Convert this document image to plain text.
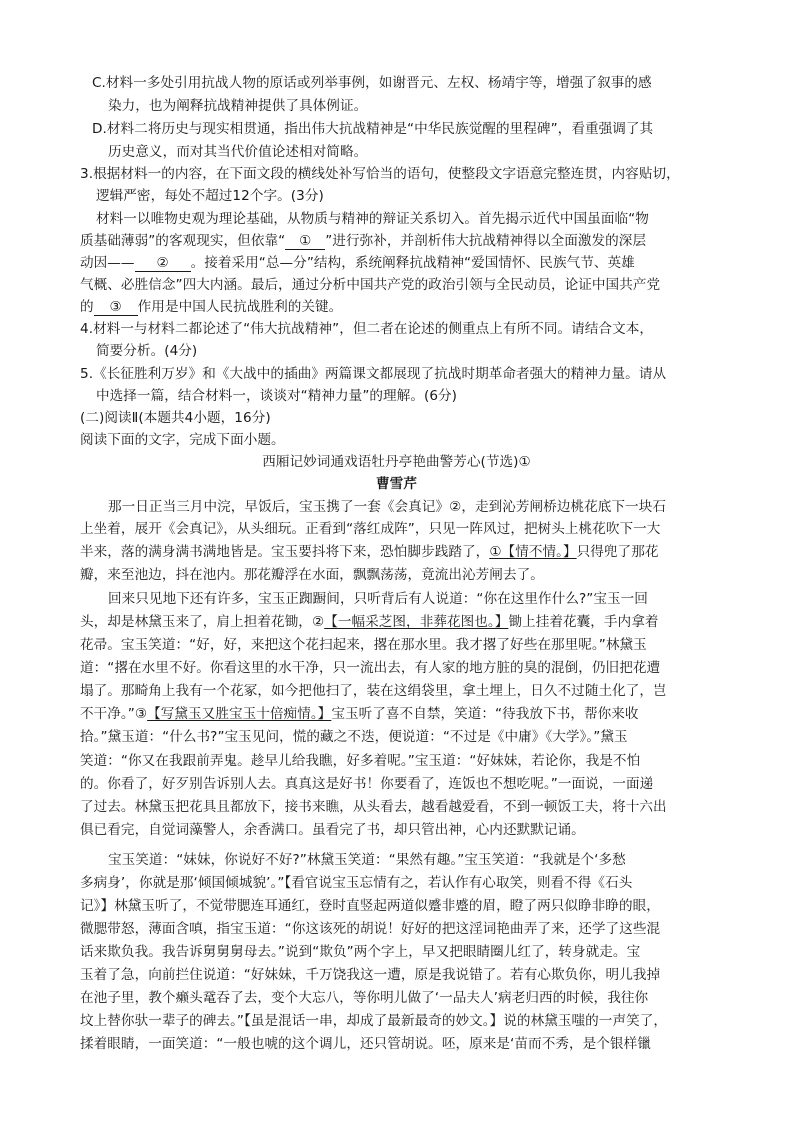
C.材料一多处引用抗战人物的原话或列举事例，如谢晋元、左权、杨靖宇等，增强了叙事的感
染力，也为阐释抗战精神提供了具体例证。
D.材料二将历史与现实相贯通，指出伟大抗战精神是“中华民族觉醒的里程碑”，看重强调了其
历史意义，而对其当代价值论述相对简略。
3.根据材料一的内容，在下面文段的横线处补写恰当的语句，使整段文字语意完整连贯，内容贴切，
逻辑严密，每处不超过12个字。(3分)
材料一以唯物史观为理论基础，从物质与精神的辩证关系切入。首先揭示近代中国虽面临“物
质基础薄弱”的客观现实，但依靠“ ① ”进行弥补，并剖析伟大抗战精神得以全面激发的深层
动因—— ② 。接着采用“总—分”结构，系统阐释抗战精神“爱国情怀、民族气节、英雄
气概、必胜信念”四大内涵。最后，通过分析中国共产党的政治引领与全民动员，论证中国共产党
的 ③ 作用是中国人民抗战胜利的关键。
4.材料一与材料二都论述了“伟大抗战精神”，但二者在论述的侧重点上有所不同。请结合文本，
简要分析。(4分)
5.《长征胜利万岁》和《大战中的插曲》两篇课文都展现了抗战时期革命者强大的精神力量。请从
中选择一篇，结合材料一，谈谈对“精神力量”的理解。(6分)
(二)阅读Ⅱ(本题共4小题，16分)
阅读下面的文字，完成下面小题。
西厢记妙词通戏语牡丹亭艳曲警芳心(节选)①
曹雪芹
那一日正当三月中浣，早饭后，宝玉携了一套《会真记》②，走到沁芳闸桥边桃花底下一块石
上坐着，展开《会真记》，从头细玩。正看到“落红成阵”，只见一阵风过，把树头上桃花吹下一大
半来，落的满身满书满地皆是。宝玉要抖将下来，恐怕脚步践踏了，①【情不情。】只得兜了那花
瓣，来至池边，抖在池内。那花瓣浮在水面，飘飘荡荡，竟流出沁芳闸去了。
回来只见地下还有许多，宝玉正踟蹰间，只听背后有人说道：“你在这里作什么?”宝玉一回
头，却是林黛玉来了，肩上担着花锄，②【一幅采芝图，非葬花图也。】锄上挂着花囊，手内拿着
花帚。宝玉笑道：“好，好，来把这个花扫起来，撂在那水里。我才撂了好些在那里呢。”林黛玉
道：“撂在水里不好。你看这里的水干净，只一流出去，有人家的地方脏的臭的混倒，仍旧把花遭
塌了。那畸角上我有一个花冢，如今把他扫了，装在这绢袋里，拿土埋上，日久不过随土化了，岂
不干净。”③【写黛玉又胜宝玉十倍痴情。】宝玉听了喜不自禁，笑道：“待我放下书，帮你来收
拾。”黛玉道：“什么书?”宝玉见问，慌的藏之不迭，便说道：“不过是《中庸》《大学》。”黛玉
笑道：“你又在我跟前弄鬼。趁早儿给我瞧，好多着呢。”宝玉道：“好妹妹，若论你，我是不怕
的。你看了，好歹别告诉别人去。真真这是好书！你要看了，连饭也不想吃呢。”一面说，一面递
了过去。林黛玉把花具且都放下，接书来瞧，从头看去，越看越爱看，不到一顿饭工夫，将十六出
俱已看完，自觉词藻警人，余香满口。虽看完了书，却只管出神，心内还默默记诵。
宝玉笑道：“妹妹，你说好不好?”林黛玉笑道：“果然有趣。”宝玉笑道：“我就是个‘多愁
多病身’，你就是那‘倾国倾城貌’。”【看官说宝玉忘情有之，若认作有心取笑，则看不得《石头
记》】林黛玉听了，不觉带腮连耳通红，登时直竖起两道似蹙非蹙的眉，瞪了两只似睁非睁的眼，
微腮带怒，薄面含嗔，指宝玉道：“你这该死的胡说！好好的把这淫词艳曲弄了来，还学了这些混
话来欺负我。我告诉舅舅舅母去。”说到“欺负”两个字上，早又把眼睛圈儿红了，转身就走。宝
玉着了急，向前拦住说道：“好妹妹，千万饶我这一遭，原是我说错了。若有心欺负你，明儿我掉
在池子里，教个癞头鼋吞了去，变个大忘八，等你明儿做了‘一品夫人’病老归西的时候，我往你
坟上替你驮一辈子的碑去。”【虽是混话一串，却成了最新最奇的妙文。】说的林黛玉嗤的一声笑了，
揉着眼睛，一面笑道：“一般也唬的这个调儿，还只管胡说。呸，原来是‘苗而不秀，是个银样镴
